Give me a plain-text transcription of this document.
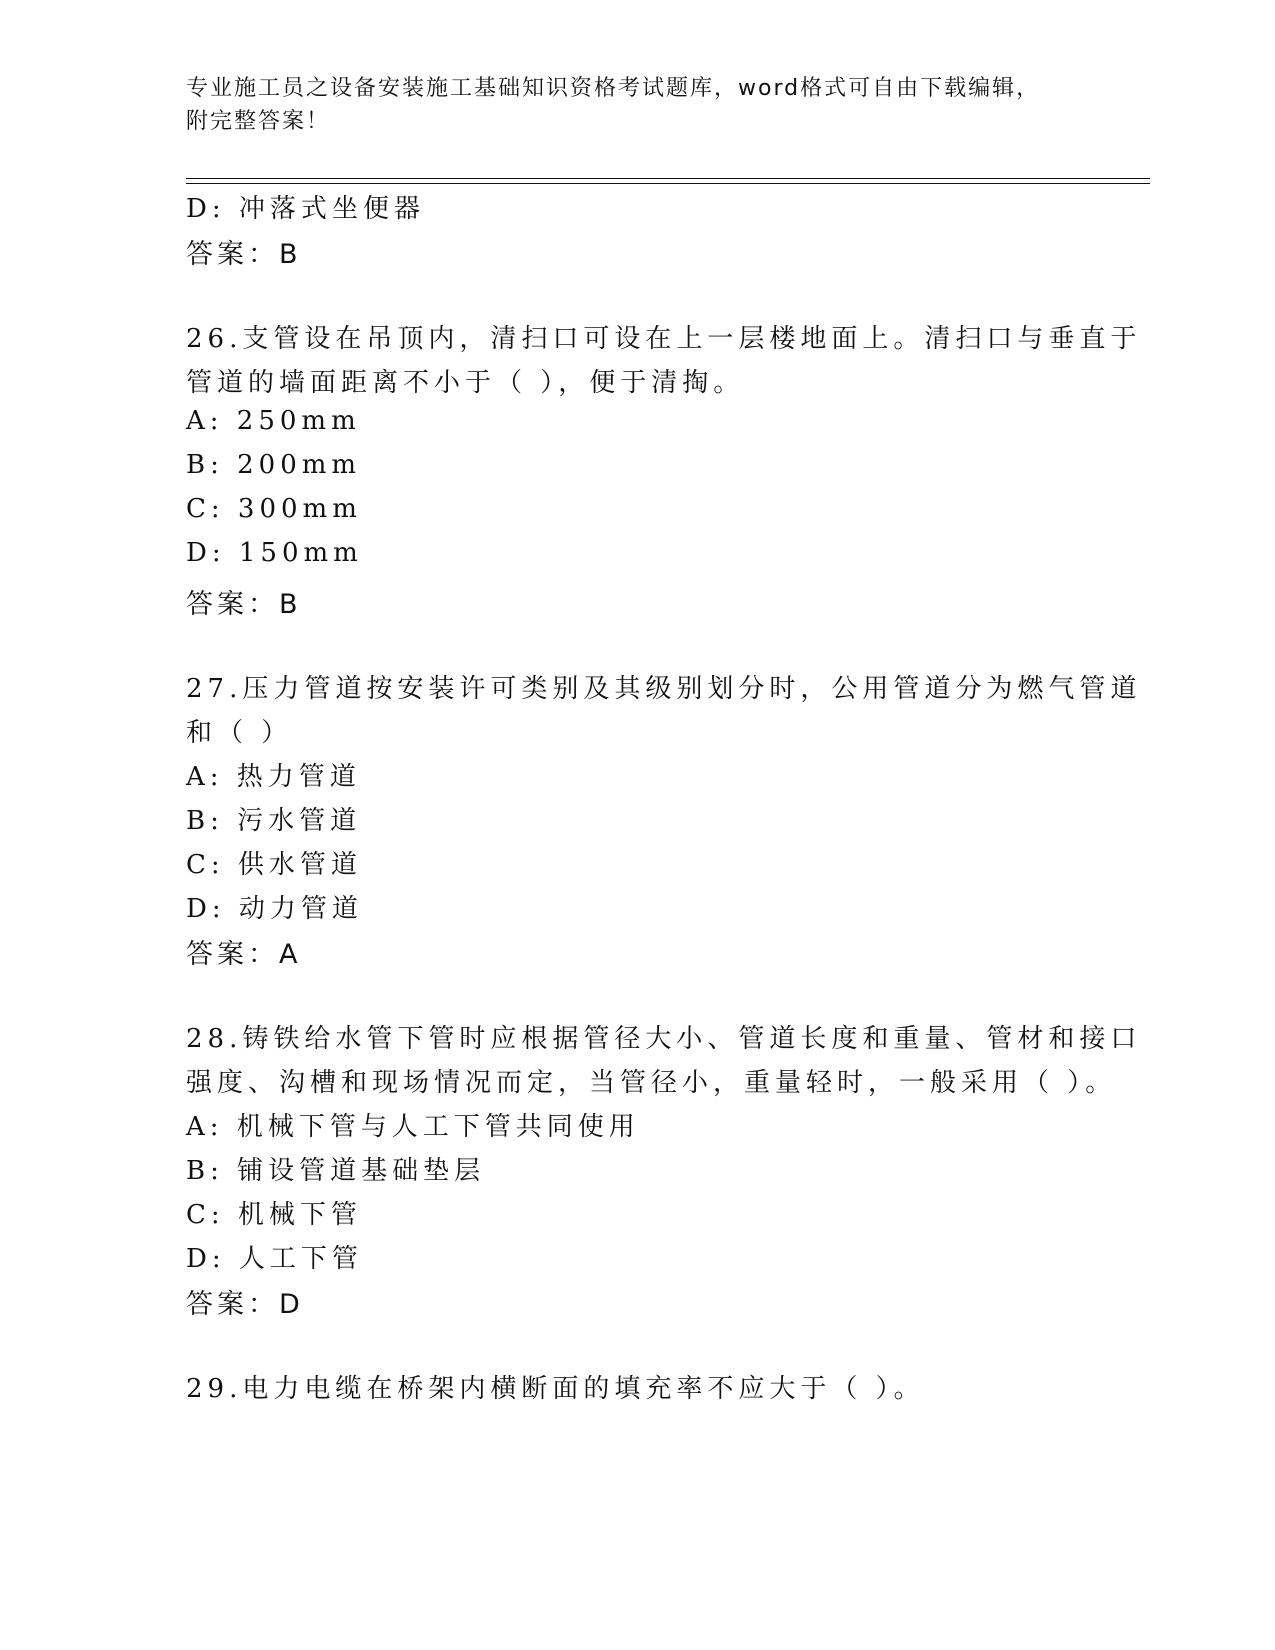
专业施工员之设备安装施工基础知识资格考试题库，word格式可自由下载编辑，
附完整答案！
D: 冲落式坐便器
答案：B
26.支管设在吊顶内，清扫口可设在上一层楼地面上。清扫口与垂直于
管道的墙面距离不小于（ ），便于清掏。
A: 250mm
B: 200mm
C: 300mm
D: 150mm
答案：B
27.压力管道按安装许可类别及其级别划分时，公用管道分为燃气管道
和（ ）
A: 热力管道
B: 污水管道
C: 供水管道
D: 动力管道
答案：A
28.铸铁给水管下管时应根据管径大小、管道长度和重量、管材和接口
强度、沟槽和现场情况而定，当管径小，重量轻时，一般采用（ ）。
A: 机械下管与人工下管共同使用
B: 铺设管道基础垫层
C: 机械下管
D: 人工下管
答案：D
29.电力电缆在桥架内横断面的填充率不应大于（ ）。
